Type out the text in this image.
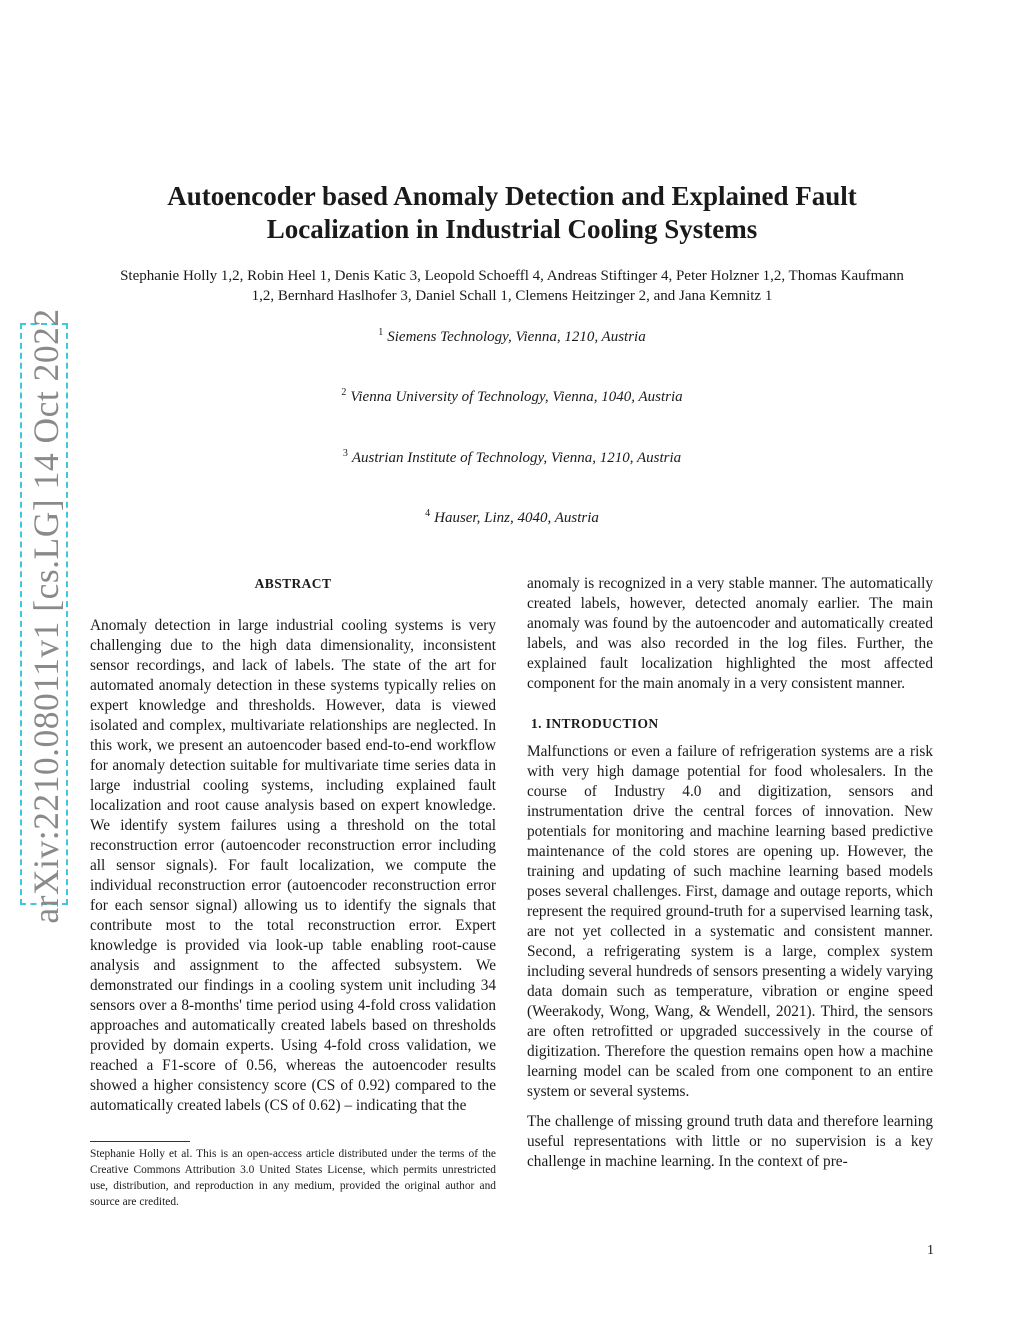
Autoencoder based Anomaly Detection and Explained Fault Localization in Industrial Cooling Systems
Stephanie Holly 1,2, Robin Heel 1, Denis Katic 3, Leopold Schoeffl 4, Andreas Stiftinger 4, Peter Holzner 1,2, Thomas Kaufmann 1,2, Bernhard Haslhofer 3, Daniel Schall 1, Clemens Heitzinger 2, and Jana Kemnitz 1
$^1$ Siemens Technology, Vienna, 1210, Austria
$^2$ Vienna University of Technology, Vienna, 1040, Austria
$^3$ Austrian Institute of Technology, Vienna, 1210, Austria
$^4$ Hauser, Linz, 4040, Austria
arXiv:2210.08011v1 [cs.LG] 14 Oct 2022	ABSTRACT

Anomaly detection in large industrial cooling systems is very challenging due to the high data dimensionality, inconsistent sensor recordings, and lack of labels. The state of the art for automated anomaly detection in these systems typically relies on expert knowledge and thresholds. However, data is viewed isolated and complex, multivariate relationships are neglected. In this work, we present an autoencoder based end-to-end workflow for anomaly detection suitable for multivariate time series data in large industrial cooling systems, including explained fault localization and root cause analysis based on expert knowledge. We identify system failures using a threshold on the total reconstruction error (autoencoder reconstruction error including all sensor signals). For fault localization, we compute the individual reconstruction error (autoencoder reconstruction error for each sensor signal) allowing us to identify the signals that contribute most to the total reconstruction error. Expert knowledge is provided via look-up table enabling root-cause analysis and assignment to the affected subsystem. We demonstrated our findings in a cooling system unit including 34 sensors over a 8-months' time period using 4-fold cross validation approaches and automatically created labels based on thresholds provided by domain experts. Using 4-fold cross validation, we reached a F1-score of 0.56, whereas the autoencoder results showed a higher consistency score (CS of 0.92) compared to the automatically created labels (CS of 0.62) – indicating that the

anomaly is recognized in a very stable manner. The automatically created labels, however, detected anomaly earlier. The main anomaly was found by the autoencoder and automatically created labels, and was also recorded in the log files. Further, the explained fault localization highlighted the most affected component for the main anomaly in a very consistent manner.

1. INTRODUCTION

Malfunctions or even a failure of refrigeration systems are a risk with very high damage potential for food wholesalers. In the course of Industry 4.0 and digitization, sensors and instrumentation drive the central forces of innovation. New potentials for monitoring and machine learning based predictive maintenance of the cold stores are opening up. However, the training and updating of such machine learning based models poses several challenges. First, damage and outage reports, which represent the required ground-truth for a supervised learning task, are not yet collected in a systematic and consistent manner. Second, a refrigerating system is a large, complex system including several hundreds of sensors presenting a widely varying data domain such as temperature, vibration or engine speed (Weerakody, Wong, Wang, & Wendell, 2021). Third, the sensors are often retrofitted or upgraded successively in the course of digitization. Therefore the question remains open how a machine learning model can be scaled from one component to an entire system or several systems.

The challenge of missing ground truth data and therefore learning useful representations with little or no supervision is a key challenge in machine learning. In the context of pre-

Stephanie Holly et al. This is an open-access article distributed under the terms of the Creative Commons Attribution 3.0 United States License, which permits unrestricted use, distribution, and reproduction in any medium, provided the original author and source are credited.
1
